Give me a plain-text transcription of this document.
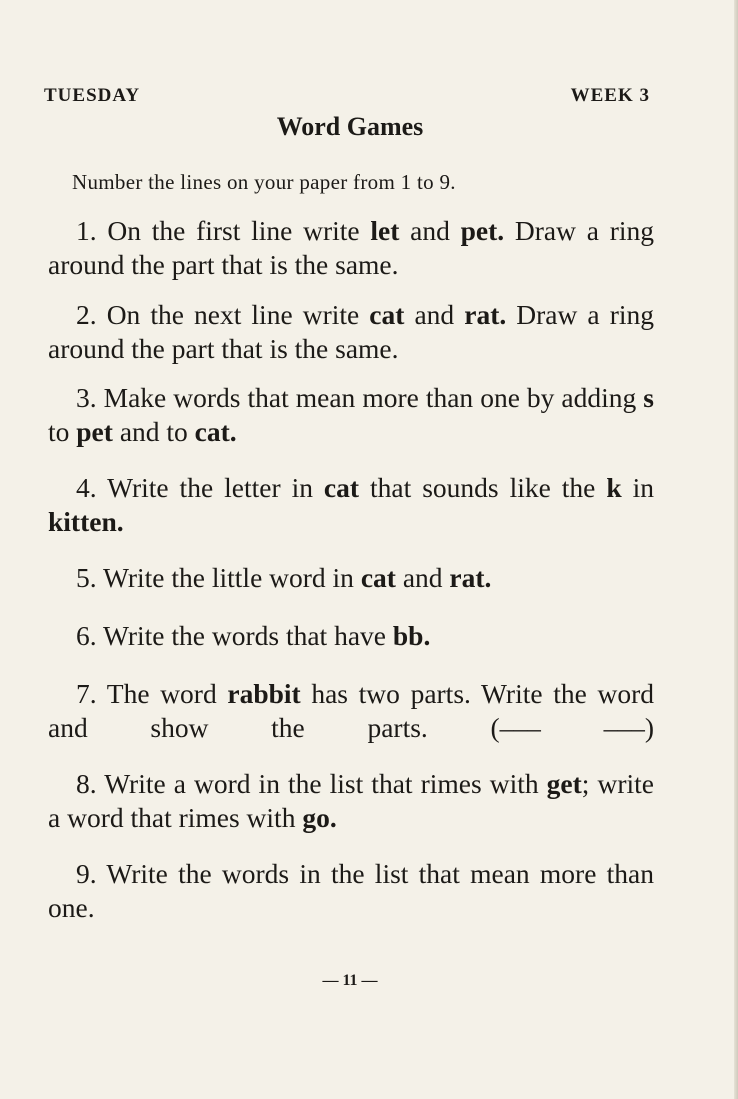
TUESDAY	WEEK 3
Word Games
Number the lines on your paper from 1 to 9.

1. On the first line write let and pet. Draw a ring around the part that is the same.

2. On the next line write cat and rat. Draw a ring around the part that is the same.

3. Make words that mean more than one by adding s to pet and to cat.

4. Write the letter in cat that sounds like the k in kitten.

5. Write the little word in cat and rat.

6. Write the words that have bb.

7. The word rabbit has two parts. Write the word and show the parts. (––– –––)

8. Write a word in the list that rimes with get; write a word that rimes with go.

9. Write the words in the list that mean more than one.

— 11 —
